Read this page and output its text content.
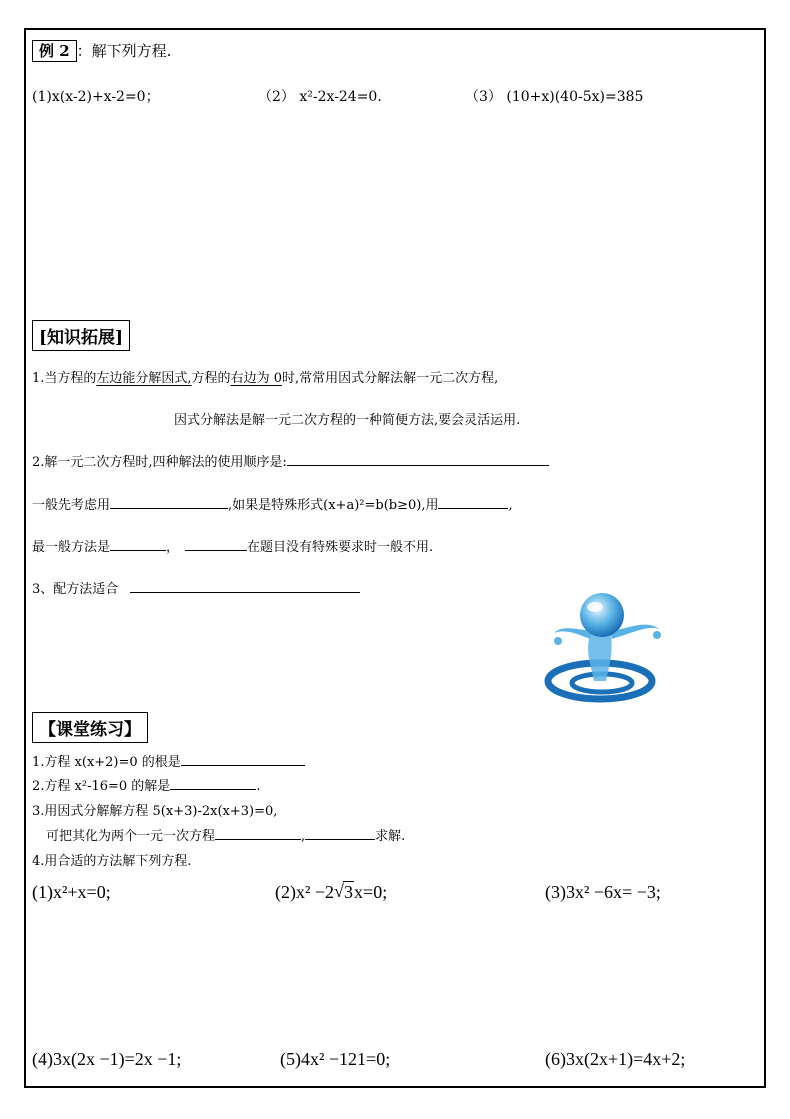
例 2 ：解下列方程.
(1)x(x-2)+x-2=0；	（2） x²-2x-24=0.	（3） (10+x)(40-5x)=385
[知识拓展]
1.当方程的左边能分解因式,方程的右边为 0时,常常用因式分解法解一元二次方程,
因式分解法是解一元二次方程的一种简便方法,要会灵活运用.
2.解一元二次方程时,四种解法的使用顺序是:
一般先考虑用	,如果是特殊形式(x+a)²=b(b≥0),用	,
最一般方法是	，	在题目没有特殊要求时一般不用.
3、配方法适合
【课堂练习】
1.方程 x(x+2)=0 的根是
2.方程 x²-16=0 的解是	.
3.用因式分解解方程 5(x+3)-2x(x+3)=0,
可把其化为两个一元一次方程	,	求解.
4.用合适的方法解下列方程.
(1)x²+x=0;	(2)x² −2√ 3x=0;	(3)3x² −6x= −3;
(4)3x(2x −1)=2x −1;	(5)4x² −121=0;	(6)3x(2x+1)=4x+2;
